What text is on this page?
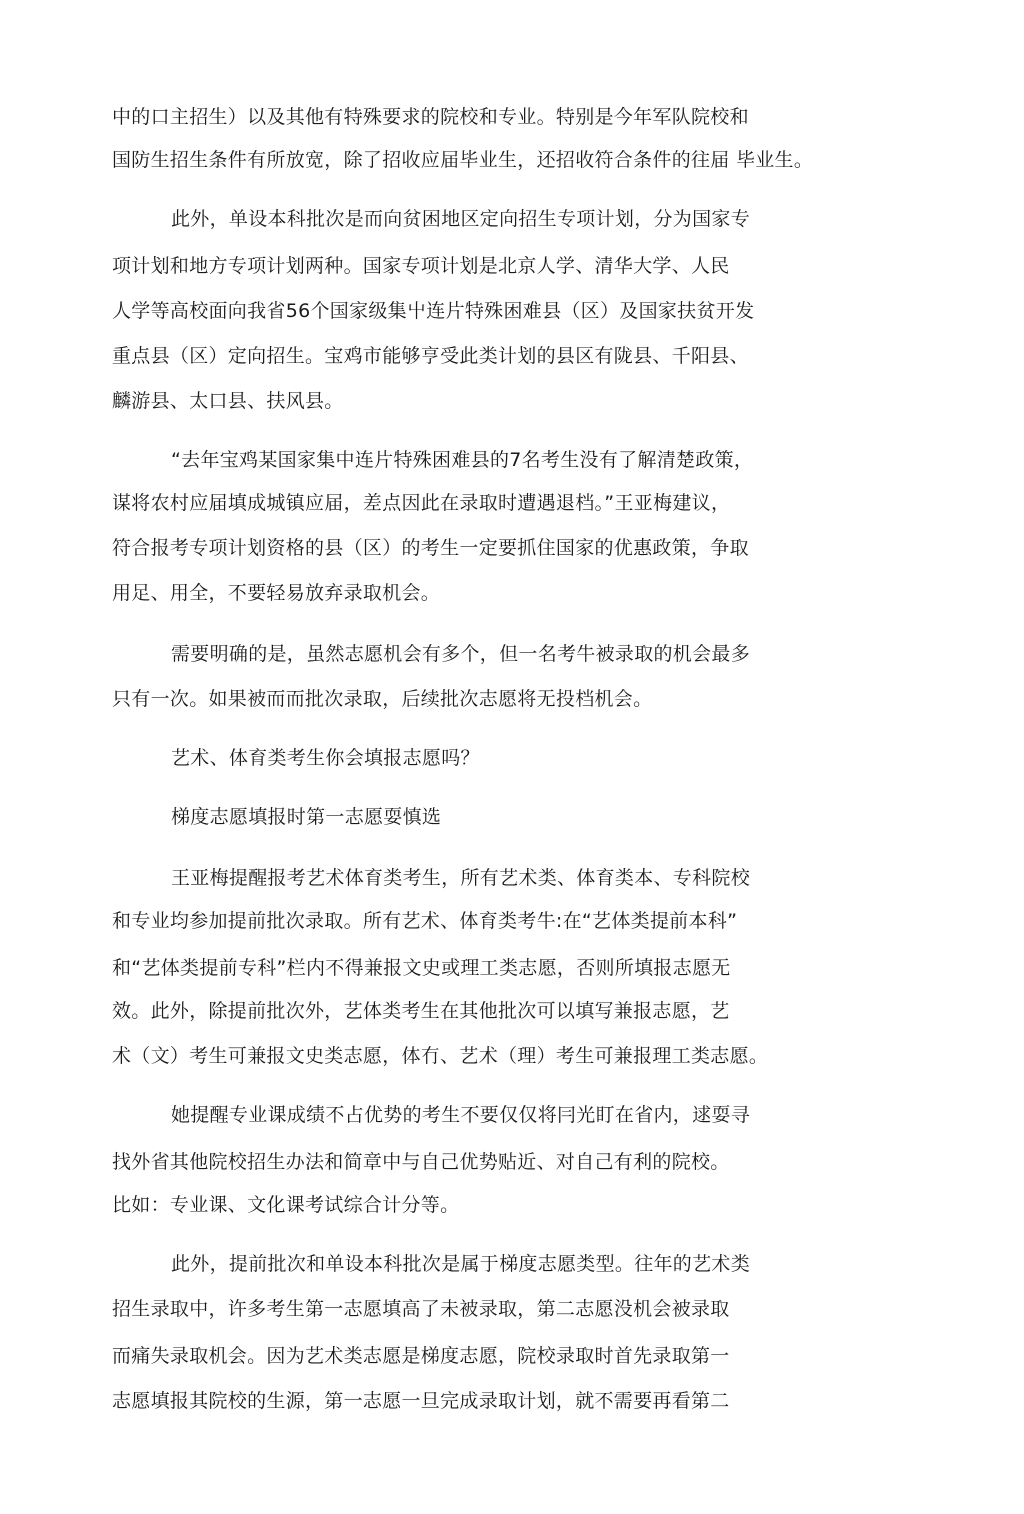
中的口主招生）以及其他有特殊要求的院校和专业。特别是今年军队院校和
国防生招生条件有所放宽，除了招收应届毕业生，还招收符合条件的往届 毕业生。
此外，单设本科批次是而向贫困地区定向招生专项计划，分为国家专
项计划和地方专项计划两种。国家专项计划是北京人学、清华大学、人民
人学等高校面向我省56个国家级集屮连片特殊困难县（区）及国家扶贫开发
重点县（区）定向招生。宝鸡市能够亨受此类计划的县区有陇县、千阳县、
麟游县、太口县、扶风县。
“去年宝鸡某国家集中连片特殊困难县的7名考生没有了解清楚政策，
谋将农村应届填成城镇应届，差点因此在录取时遭遇退档。”王亚梅建议，
符合报考专项计划资格的县（区）的考生一定要抓住国家的优惠政策，争取
用足、用全，不要轻易放弃录取机会。
需要明确的是，虽然志愿机会有多个，但一名考牛被录取的机会最多
只有一次。如果被而而批次录取，后续批次志愿将无投档机会。
艺术、体育类考生你会填报志愿吗？
梯度志愿填报时第一志愿耍慎选
王亚梅提醒报考艺术体育类考生，所有艺术类、体育类本、专科院校
和专业均参加提前批次录取。所有艺术、体育类考牛:在“艺体类提前本科”
和“艺体类提前专科”栏内不得兼报文史或理工类志愿，否则所填报志愿无
效。此外，除提前批次外，艺体类考生在其他批次可以填写兼报志愿，艺
术（文）考生可兼报文史类志愿，体冇、艺术（理）考生可兼报理工类志愿。
她提醒专业课成绩不占优势的考生不要仅仅将冃光盯在省内，逑耍寻
找外省其他院校招生办法和简章中与自己优势贴近、对自己有利的院校。
比如：专业课、文化课考试综合计分等。
此外，提前批次和单设本科批次是属于梯度志愿类型。往年的艺术类
招生录取中，许多考生第一志愿填高了未被录取，第二志愿没机会被录取
而痛失录取机会。因为艺术类志愿是梯度志愿，院校录取时首先录取第一
志愿填报其院校的生源，第一志愿一旦完成录取计划，就不需要再看第二
